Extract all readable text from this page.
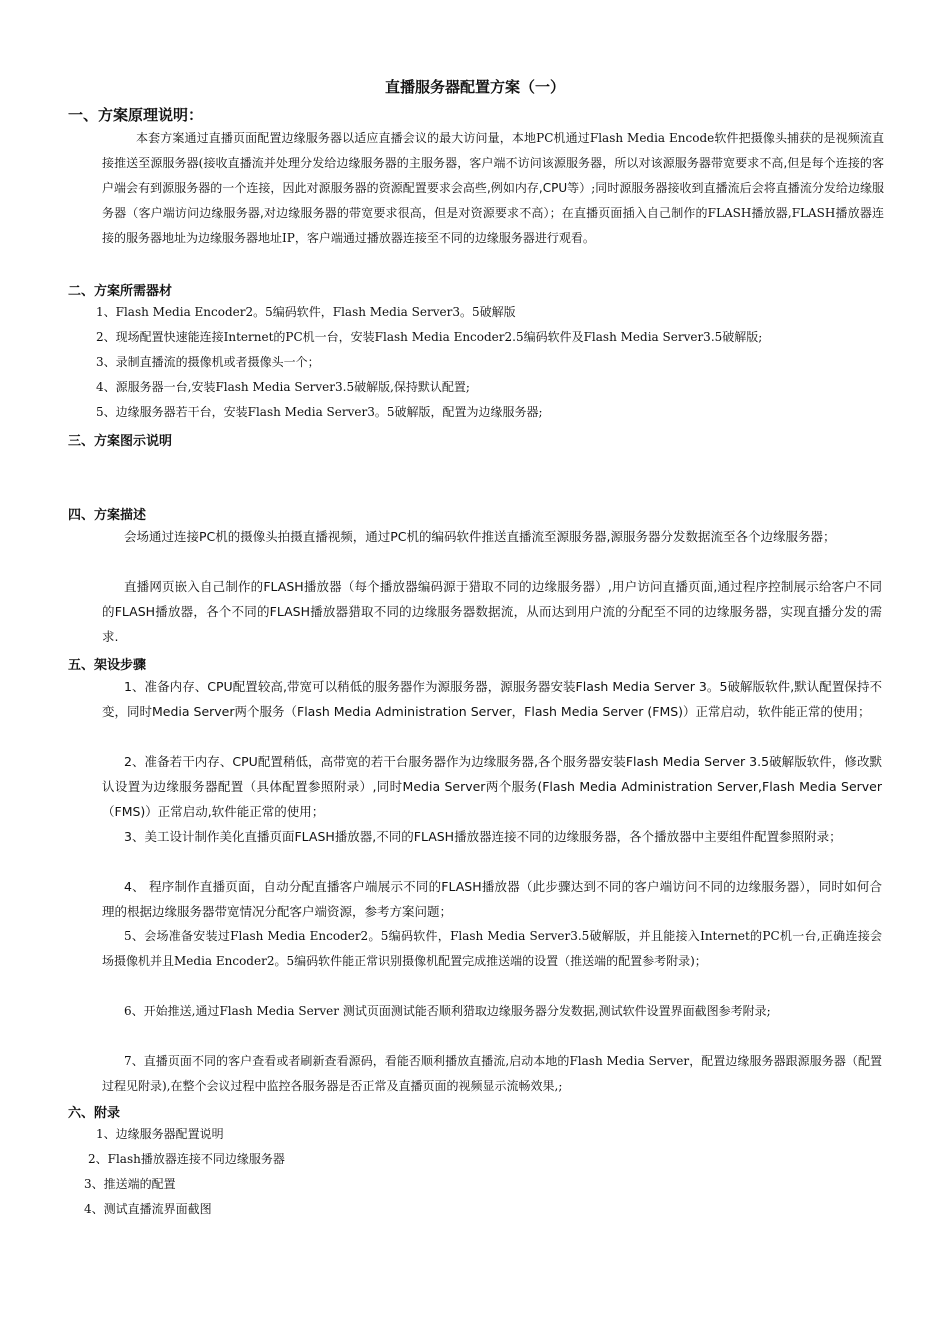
直播服务器配置方案（一）
一、方案原理说明：
本套方案通过直播页面配置边缘服务器以适应直播会议的最大访问量，本地PC机通过Flash Media Encode软件把摄像头捕获的是视频流直接推送至源服务器(接收直播流并处理分发给边缘服务器的主服务器，客户端不访问该源服务器，所以对该源服务器带宽要求不高,但是每个连接的客户端会有到源服务器的一个连接，因此对源服务器的资源配置要求会高些,例如内存,CPU等）;同时源服务器接收到直播流后会将直播流分发给边缘服务器（客户端访问边缘服务器,对边缘服务器的带宽要求很高，但是对资源要求不高）；在直播页面插入自己制作的FLASH播放器,FLASH播放器连接的服务器地址为边缘服务器地址IP，客户端通过播放器连接至不同的边缘服务器进行观看。
二、方案所需器材
1、Flash Media Encoder2。5编码软件，Flash Media Server3。5破解版
2、现场配置快速能连接Internet的PC机一台，安装Flash Media Encoder2.5编码软件及Flash Media Server3.5破解版;
3、录制直播流的摄像机或者摄像头一个；
4、源服务器一台,安装Flash Media Server3.5破解版,保持默认配置;
5、边缘服务器若干台，安装Flash Media Server3。5破解版，配置为边缘服务器;
三、方案图示说明
四、方案描述
会场通过连接PC机的摄像头拍摄直播视频，通过PC机的编码软件推送直播流至源服务器,源服务器分发数据流至各个边缘服务器；
直播网页嵌入自己制作的FLASH播放器（每个播放器编码源于猎取不同的边缘服务器）,用户访问直播页面,通过程序控制展示给客户不同的FLASH播放器，各个不同的FLASH播放器猎取不同的边缘服务器数据流，从而达到用户流的分配至不同的边缘服务器，实现直播分发的需求.
五、架设步骤
1、准备内存、CPU配置较高,带宽可以稍低的服务器作为源服务器，源服务器安装Flash Media Server 3。5破解版软件,默认配置保持不变，同时Media Server两个服务（Flash Media Administration Server，Flash Media Server (FMS)）正常启动，软件能正常的使用；
2、准备若干内存、CPU配置稍低，高带宽的若干台服务器作为边缘服务器,各个服务器安装Flash Media Server 3.5破解版软件，修改默认设置为边缘服务器配置（具体配置参照附录）,同时Media Server两个服务(Flash Media Administration Server,Flash Media Server （FMS)）正常启动,软件能正常的使用；
3、美工设计制作美化直播页面FLASH播放器,不同的FLASH播放器连接不同的边缘服务器，各个播放器中主要组件配置参照附录；
4、 程序制作直播页面，自动分配直播客户端展示不同的FLASH播放器（此步骤达到不同的客户端访问不同的边缘服务器），同时如何合理的根据边缘服务器带宽情况分配客户端资源，参考方案问题；
5、会场准备安装过Flash Media Encoder2。5编码软件，Flash Media Server3.5破解版，并且能接入Internet的PC机一台,正确连接会场摄像机并且Media Encoder2。5编码软件能正常识别摄像机配置完成推送端的设置（推送端的配置参考附录)；
6、开始推送,通过Flash Media Server 测试页面测试能否顺利猎取边缘服务器分发数据,测试软件设置界面截图参考附录;
7、直播页面不同的客户查看或者刷新查看源码，看能否顺利播放直播流,启动本地的Flash Media Server，配置边缘服务器跟源服务器（配置过程见附录),在整个会议过程中监控各服务器是否正常及直播页面的视频显示流畅效果,;
六、附录
1、边缘服务器配置说明
2、Flash播放器连接不同边缘服务器
3、推送端的配置
4、测试直播流界面截图
